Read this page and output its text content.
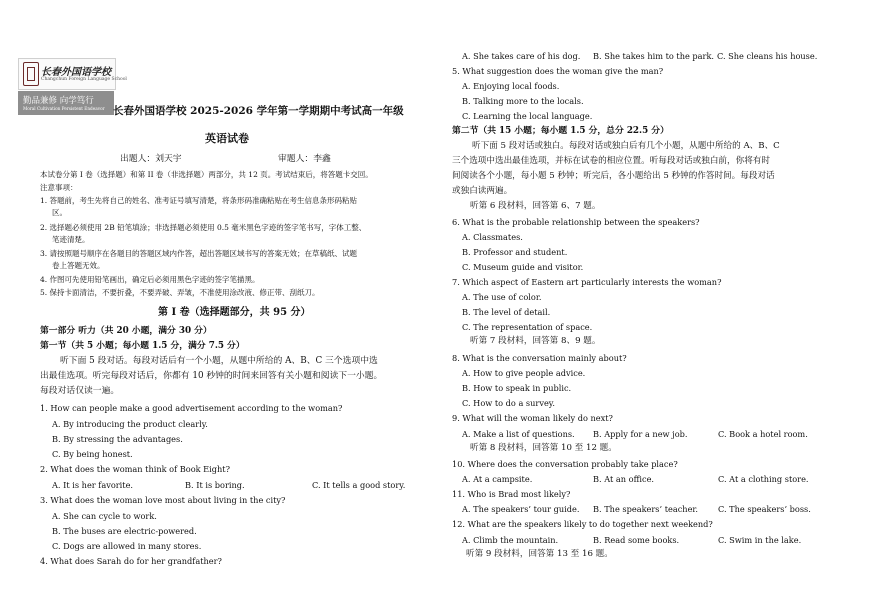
长春外国语学校
Changchun Foreign Language School
勤品兼修 向学笃行
Moral Cultivation Persistent Endeavor 长春外国语学校 2025-2026 学年第一学期期中考试高一年级
英语试卷
出题人：刘天宇	审题人：李鑫
本试卷分第 I 卷（选择题）和第 II 卷（非选择题）两部分，共 12 页。考试结束后，将答题卡交回。
注意事项：
1. 答题前，考生先将自己的姓名、准考证号填写清楚，将条形码准确粘贴在考生信息条形码粘贴
区。
2. 选择题必须使用 2B 铅笔填涂；非选择题必须使用 0.5 毫米黑色字迹的签字笔书写，字体工整、
笔迹清楚。
3. 请按照题号顺序在各题目的答题区域内作答，超出答题区域书写的答案无效；在草稿纸、试题
卷上答题无效。
4. 作图可先使用铅笔画出，确定后必须用黑色字迹的签字笔描黑。
5. 保持卡面清洁，不要折叠，不要弄破、弄皱，不准使用涂改液、修正带、刮纸刀。
第 I 卷（选择题部分，共 95 分）
第一部分 听力（共 20 小题，满分 30 分）
第一节（共 5 小题；每小题 1.5 分，满分 7.5 分）
听下面 5 段对话。每段对话后有一个小题，从题中所给的 A、B、C 三个选项中选
出最佳选项。听完每段对话后，你都有 10 秒钟的时间来回答有关小题和阅读下一小题。
每段对话仅读一遍。
1. How can people make a good advertisement according to the woman?
A. By introducing the product clearly.
B. By stressing the advantages.
C. By being honest.
2. What does the woman think of Book Eight?
A. It is her favorite.	B. It is boring.	C. It tells a good story.
3. What does the woman love most about living in the city?
A. She can cycle to work.
B. The buses are electric-powered.
C. Dogs are allowed in many stores.
4. What does Sarah do for her grandfather?
A. She takes care of his dog. B. She takes him to the park. C. She cleans his house.
5. What suggestion does the woman give the man?
A. Enjoying local foods.
B. Talking more to the locals.
C. Learning the local language.
第二节（共 15 小题；每小题 1.5 分，总分 22.5 分）
听下面 5 段对话或独白。每段对话或独白后有几个小题，从题中所给的 A、B、C
三个选项中选出最佳选项，并标在试卷的相应位置。听每段对话或独白前，你将有时
间阅读各个小题，每小题 5 秒钟；听完后，各小题给出 5 秒钟的作答时间。每段对话
或独白读两遍。
听第 6 段材料，回答第 6、7 题。
6. What is the probable relationship between the speakers?
A. Classmates.
B. Professor and student.
C. Museum guide and visitor.
7. Which aspect of Eastern art particularly interests the woman?
A. The use of color.
B. The level of detail.
C. The representation of space.
听第 7 段材料，回答第 8、9 题。
8. What is the conversation mainly about?
A. How to give people advice.
B. How to speak in public.
C. How to do a survey.
9. What will the woman likely do next?
A. Make a list of questions. B. Apply for a new job.	C. Book a hotel room.
听第 8 段材料，回答第 10 至 12 题。
10. Where does the conversation probably take place?
A. At a campsite.	B. At an office.	C. At a clothing store.
11. Who is Brad most likely?
A. The speakers’ tour guide. B. The speakers’ teacher. C. The speakers’ boss.
12. What are the speakers likely to do together next weekend?
A. Climb the mountain.	B. Read some books.	C. Swim in the lake.
听第 9 段材料，回答第 13 至 16 题。
